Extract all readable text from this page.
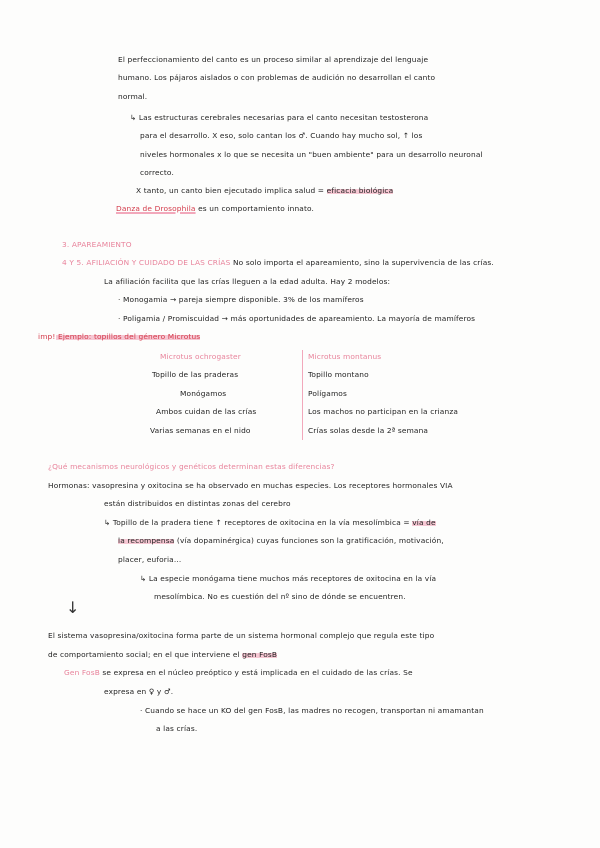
El perfeccionamiento del canto es un proceso similar al aprendizaje del lenguaje
humano. Los pájaros aislados o con problemas de audición no desarrollan el canto
normal.
↳ Las estructuras cerebrales necesarias para el canto necesitan testosterona
para el desarrollo. X eso, solo cantan los ♂. Cuando hay mucho sol, ↑ los
niveles hormonales x lo que se necesita un "buen ambiente" para un desarrollo neuronal
correcto.
X tanto, un canto bien ejecutado implica salud = eficacia biológica
Danza de Drosophila es un comportamiento innato.
3. APAREAMIENTO
4 Y 5. AFILIACIÓN Y CUIDADO DE LAS CRÍAS No solo importa el apareamiento, sino la supervivencia de las crías.
La afiliación facilita que las crías lleguen a la edad adulta. Hay 2 modelos:
· Monogamia → pareja siempre disponible. 3% de los mamíferos
· Poligamia / Promiscuidad → más oportunidades de apareamiento. La mayoría de mamíferos
imp! Ejemplo: topillos del género Microtus
Microtus ochrogaster	Microtus montanus
Topillo de las praderas
Monógamos
Ambos cuidan de las crías
Varias semanas en el nido
Topillo montano
Polígamos
Los machos no participan en la crianza
Crías solas desde la 2ª semana
¿Qué mecanismos neurológicos y genéticos determinan estas diferencias?
Hormonas: vasopresina y oxitocina se ha observado en muchas especies. Los receptores hormonales VIA
están distribuidos en distintas zonas del cerebro
↳ Topillo de la pradera tiene ↑ receptores de oxitocina en la vía mesolímbica = vía de
la recompensa (vía dopaminérgica) cuyas funciones son la gratificación, motivación,
placer, euforia...
↳ La especie monógama tiene muchos más receptores de oxitocina en la vía
mesolímbica. No es cuestión del nº sino de dónde se encuentren.
↓
El sistema vasopresina/oxitocina forma parte de un sistema hormonal complejo que regula este tipo
de comportamiento social; en el que interviene el gen FosB
Gen FosB se expresa en el núcleo preóptico y está implicada en el cuidado de las crías. Se
expresa en ♀ y ♂.
· Cuando se hace un KO del gen FosB, las madres no recogen, transportan ni amamantan
a las crías.
